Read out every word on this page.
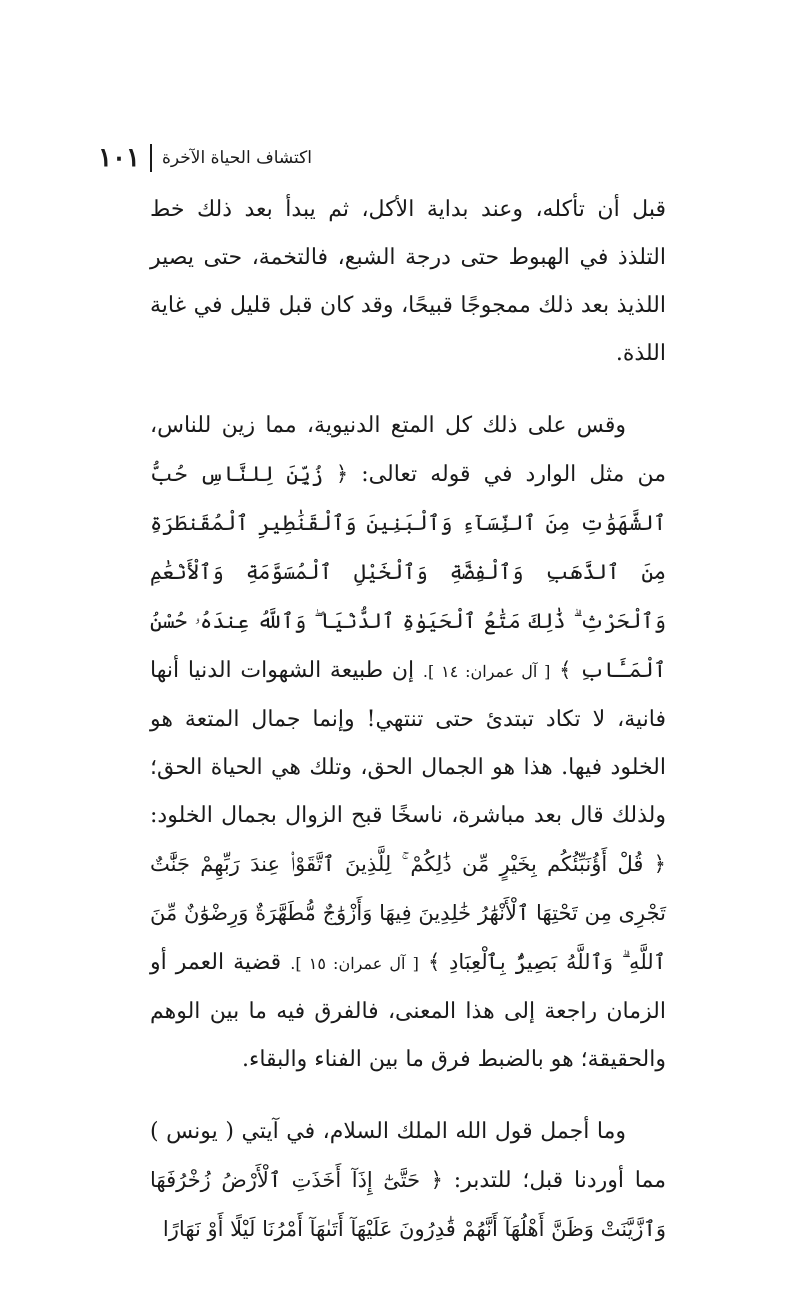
اكتشاف الحياة الآخرة
١٠١

قبل أن تأكله، وعند بداية الأكل، ثم يبدأ بعد ذلك خط التلذذ في الهبوط حتى درجة الشبع، فالتخمة، حتى يصير اللذيذ بعد ذلك ممجوجًا قبيحًا، وقد كان قبل قليل في غاية اللذة.

وقس على ذلك كل المتع الدنيوية، مما زين للناس، من مثل الوارد في قوله تعالى: ﴿ زُيِّنَ لِلنَّاسِ حُبُّ ٱلشَّهَوَٰتِ مِنَ ٱلنِّسَآءِ وَٱلْبَنِينَ وَٱلْقَنَٰطِيرِ ٱلْمُقَنطَرَةِ مِنَ ٱلذَّهَبِ وَٱلْفِضَّةِ وَٱلْخَيْلِ ٱلْمُسَوَّمَةِ وَٱلْأَنْعَٰمِ وَٱلْحَرْثِ ۗ ذَٰلِكَ مَتَٰعُ ٱلْحَيَوٰةِ ٱلدُّنْيَا ۖ وَٱللَّهُ عِندَهُۥ حُسْنُ ٱلْمَـَٔابِ ﴾ [ آل عمران: ١٤ ]. إن طبيعة الشهوات الدنيا أنها فانية، لا تكاد تبتدئ حتى تنتهي! وإنما جمال المتعة هو الخلود فيها. هذا هو الجمال الحق، وتلك هي الحياة الحق؛ ولذلك قال بعد مباشرة، ناسخًا قبح الزوال بجمال الخلود: ﴿ قُلْ أَؤُنَبِّئُكُم بِخَيْرٍ مِّن ذَٰلِكُمْ ۚ لِلَّذِينَ ٱتَّقَوْا۟ عِندَ رَبِّهِمْ جَنَّٰتٌ تَجْرِى مِن تَحْتِهَا ٱلْأَنْهَٰرُ خَٰلِدِينَ فِيهَا وَأَزْوَٰجٌ مُّطَهَّرَةٌ وَرِضْوَٰنٌ مِّنَ ٱللَّهِ ۗ وَٱللَّهُ بَصِيرٌۢ بِٱلْعِبَادِ ﴾ [ آل عمران: ١٥ ]. قضية العمر أو الزمان راجعة إلى هذا المعنى، فالفرق فيه ما بين الوهم والحقيقة؛ هو بالضبط فرق ما بين الفناء والبقاء.

وما أجمل قول الله الملك السلام، في آيتي ( يونس ) مما أوردنا قبل؛ للتدبر: ﴿ حَتَّىٰٓ إِذَآ أَخَذَتِ ٱلْأَرْضُ زُخْرُفَهَا وَٱزَّيَّنَتْ وَظَنَّ أَهْلُهَآ أَنَّهُمْ قَٰدِرُونَ عَلَيْهَآ أَتَىٰهَآ أَمْرُنَا لَيْلًا أَوْ نَهَارًا
